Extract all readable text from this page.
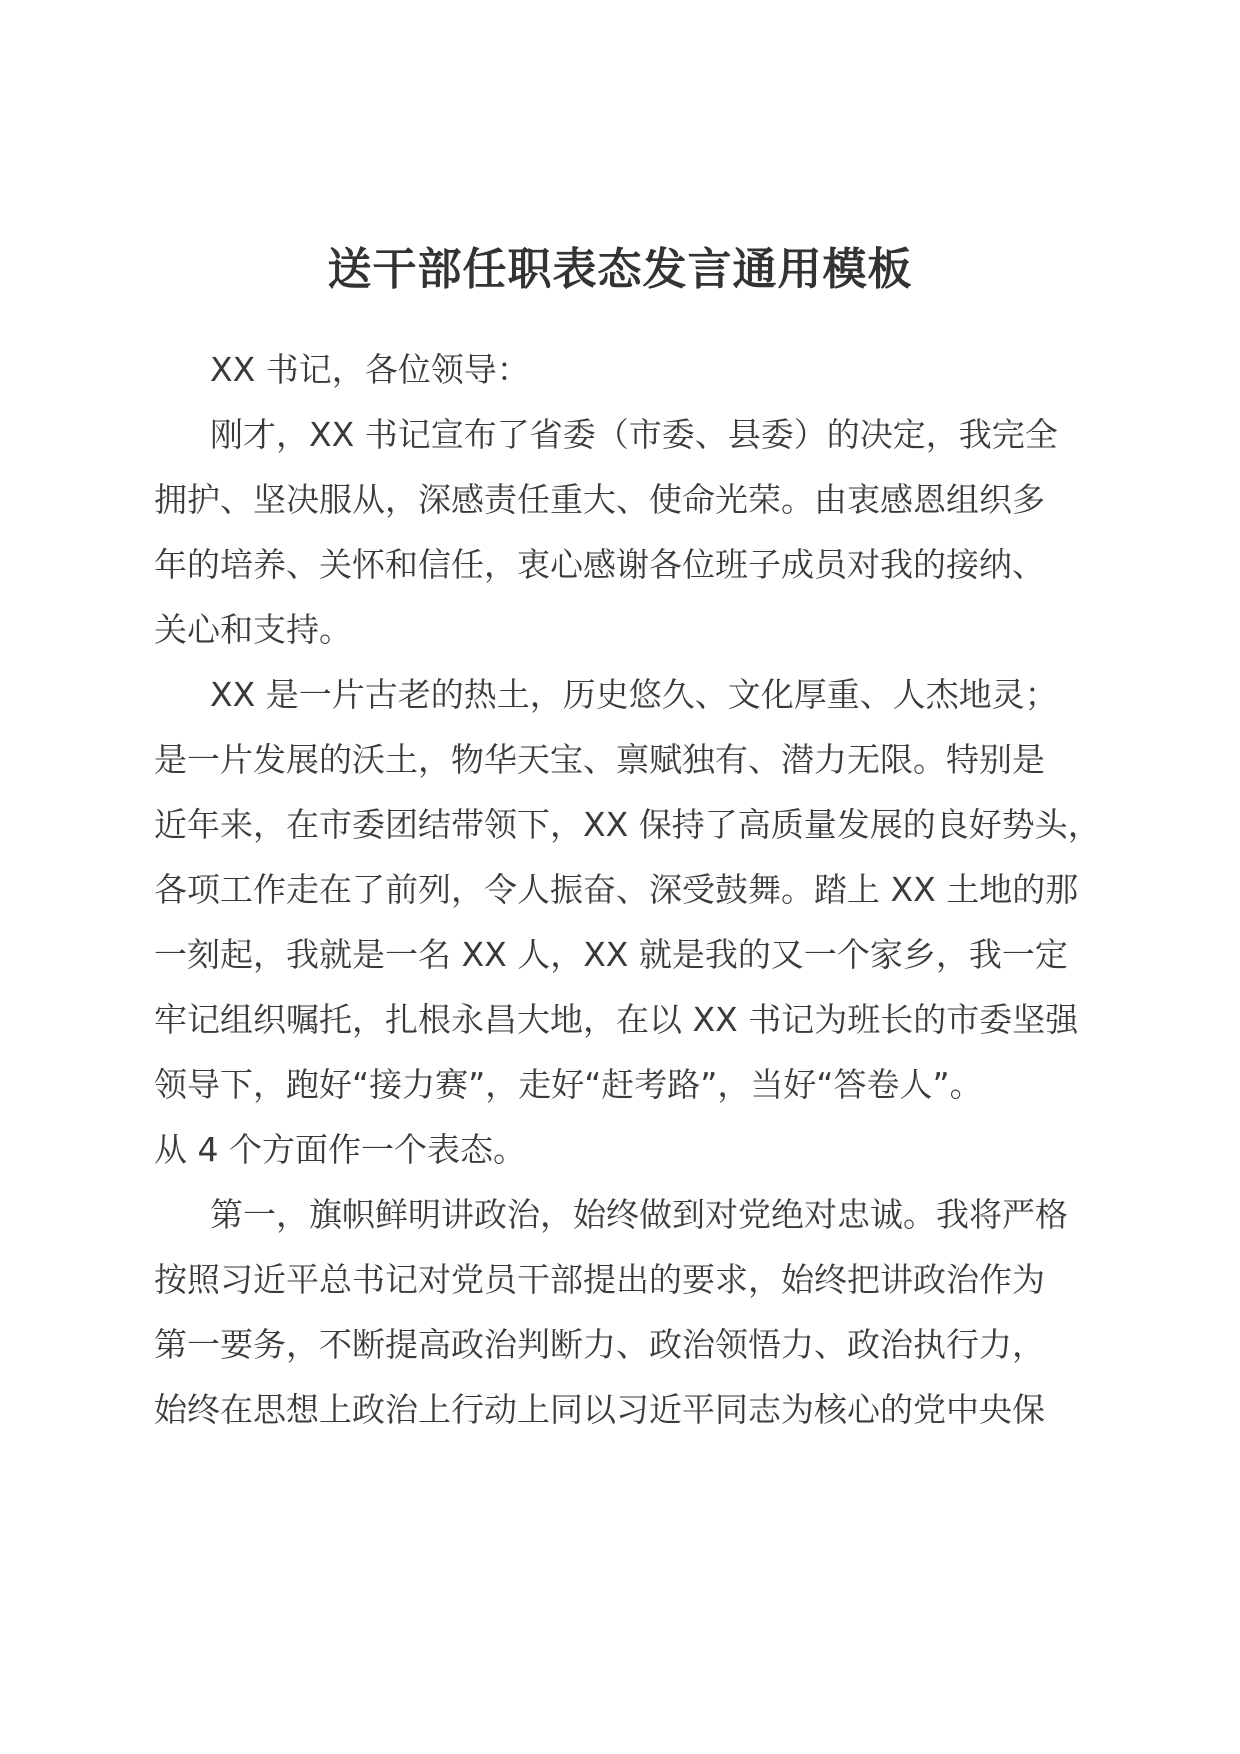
送干部任职表态发言通用模板
XX 书记，各位领导：
刚才，XX 书记宣布了省委（市委、县委）的决定，我完全
拥护、坚决服从，深感责任重大、使命光荣。由衷感恩组织多
年的培养、关怀和信任，衷心感谢各位班子成员对我的接纳、
关心和支持。
XX 是一片古老的热土，历史悠久、文化厚重、人杰地灵；
是一片发展的沃土，物华天宝、禀赋独有、潜力无限。特别是
近年来，在市委团结带领下，XX 保持了高质量发展的良好势头，
各项工作走在了前列，令人振奋、深受鼓舞。踏上 XX 土地的那
一刻起，我就是一名 XX 人，XX 就是我的又一个家乡，我一定
牢记组织嘱托，扎根永昌大地，在以 XX 书记为班长的市委坚强
领导下，跑好“接力赛”，走好“赶考路”，当好“答卷人”。
从 4 个方面作一个表态。
第一，旗帜鲜明讲政治，始终做到对党绝对忠诚。我将严格
按照习近平总书记对党员干部提出的要求，始终把讲政治作为
第一要务，不断提高政治判断力、政治领悟力、政治执行力，
始终在思想上政治上行动上同以习近平同志为核心的党中央保
